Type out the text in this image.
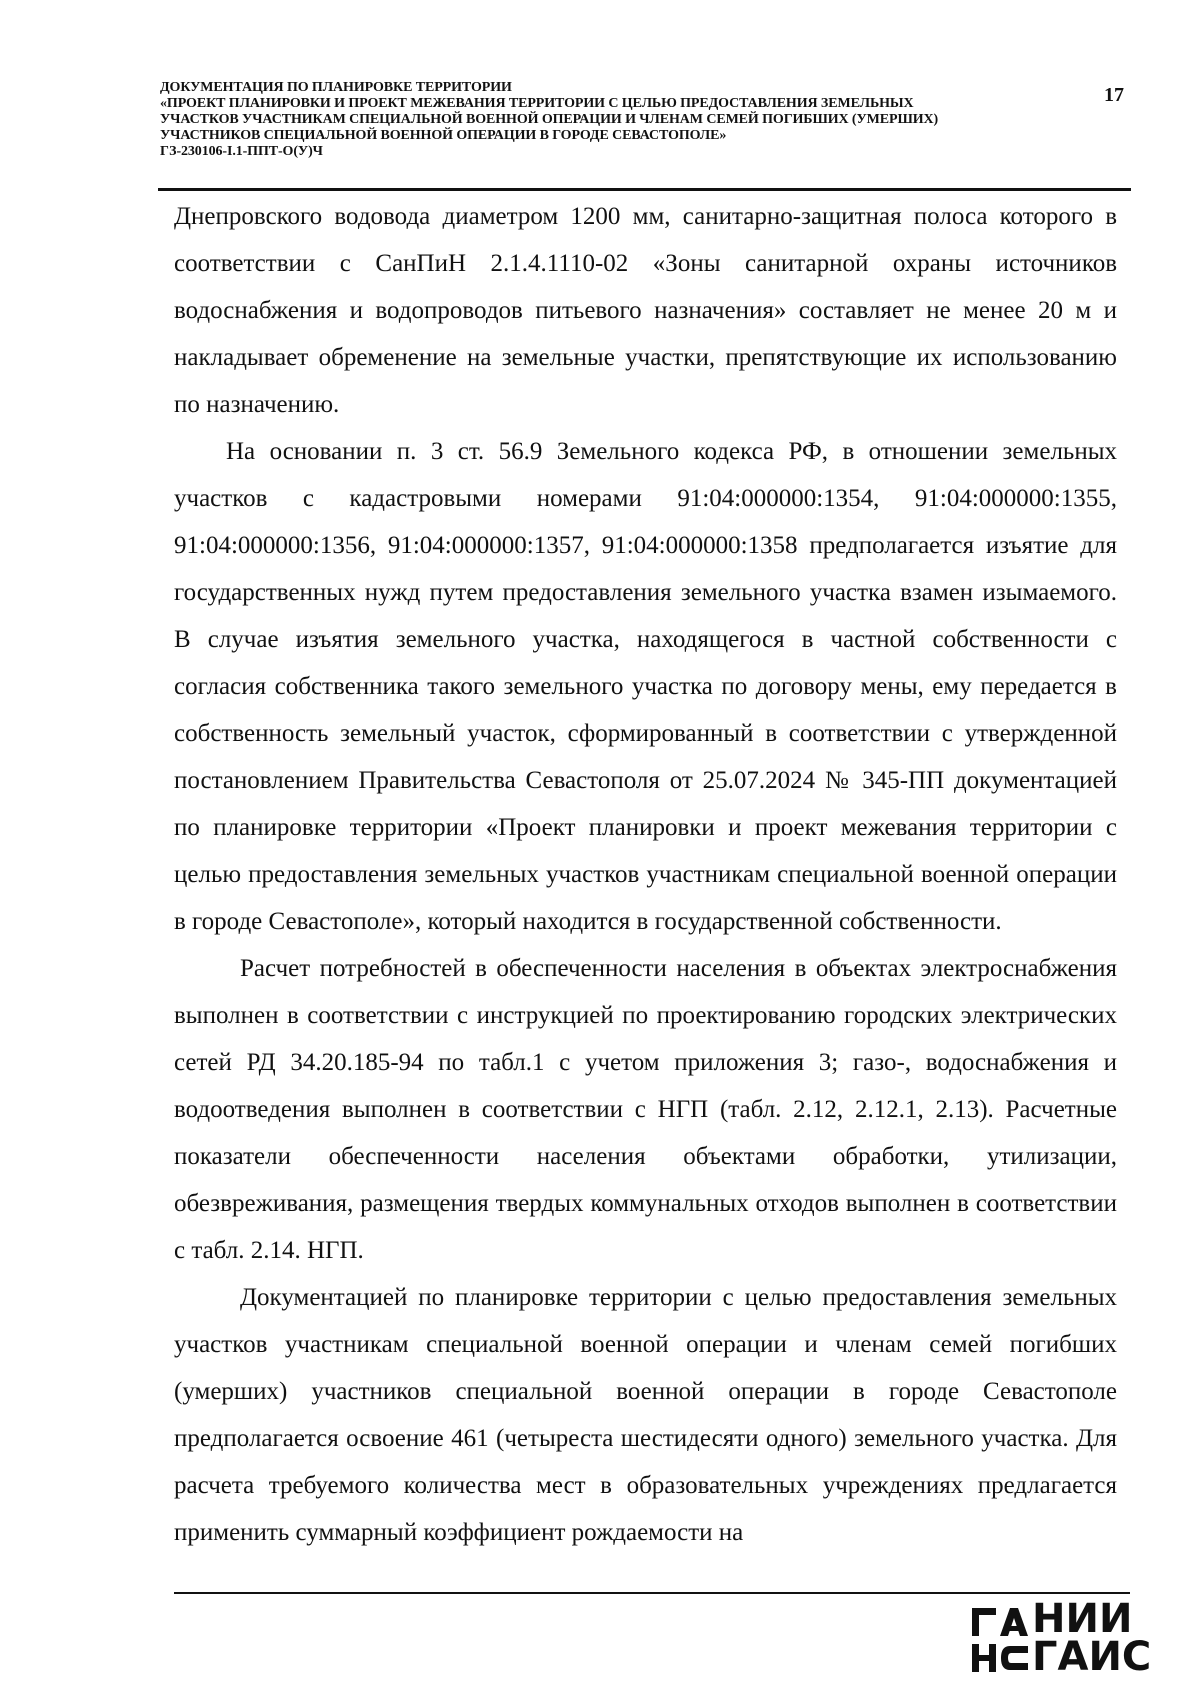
ДОКУМЕНТАЦИЯ ПО ПЛАНИРОВКЕ ТЕРРИТОРИИ
«ПРОЕКТ ПЛАНИРОВКИ И ПРОЕКТ МЕЖЕВАНИЯ ТЕРРИТОРИИ С ЦЕЛЬЮ ПРЕДОСТАВЛЕНИЯ ЗЕМЕЛЬНЫХ
УЧАСТКОВ УЧАСТНИКАМ СПЕЦИАЛЬНОЙ ВОЕННОЙ ОПЕРАЦИИ И ЧЛЕНАМ СЕМЕЙ ПОГИБШИХ (УМЕРШИХ)
УЧАСТНИКОВ СПЕЦИАЛЬНОЙ ВОЕННОЙ ОПЕРАЦИИ В ГОРОДЕ СЕВАСТОПОЛЕ»
ГЗ-230106-I.1-ППТ-О(У)Ч
17

Днепровского водовода диаметром 1200 мм, санитарно-защитная полоса которого в соответствии с СанПиН 2.1.4.1110-02 «Зоны санитарной охраны источников водоснабжения и водопроводов питьевого назначения» составляет не менее 20 м и накладывает обременение на земельные участки, препятствующие их использованию по назначению.

На основании п. 3 ст. 56.9 Земельного кодекса РФ, в отношении земельных участков с кадастровыми номерами 91:04:000000:1354, 91:04:000000:1355, 91:04:000000:1356, 91:04:000000:1357, 91:04:000000:1358 предполагается изъятие для государственных нужд путем предоставления земельного участка взамен изымаемого. В случае изъятия земельного участка, находящегося в частной собственности с согласия собственника такого земельного участка по договору мены, ему передается в собственность земельный участок, сформированный в соответствии с утвержденной постановлением Правительства Севастополя от 25.07.2024 № 345-ПП документацией по планировке территории «Проект планировки и проект межевания территории с целью предоставления земельных участков участникам специальной военной операции в городе Севастополе», который находится в государственной собственности.

Расчет потребностей в обеспеченности населения в объектах электроснабжения выполнен в соответствии с инструкцией по проектированию городских электрических сетей РД 34.20.185-94 по табл.1 с учетом приложения 3; газо-, водоснабжения и водоотведения выполнен в соответствии с НГП (табл. 2.12, 2.12.1, 2.13). Расчетные показатели обеспеченности населения объектами обработки, утилизации, обезвреживания, размещения твердых коммунальных отходов выполнен в соответствии с табл. 2.14. НГП.

Документацией по планировке территории с целью предоставления земельных участков участникам специальной военной операции и членам семей погибших (умерших) участников специальной военной операции в городе Севастополе предполагается освоение 461 (четыреста шестидесяти одного) земельного участка. Для расчета требуемого количества мест в образовательных учреждениях предлагается применить суммарный коэффициент рождаемости на

НИИ
ГАИС
